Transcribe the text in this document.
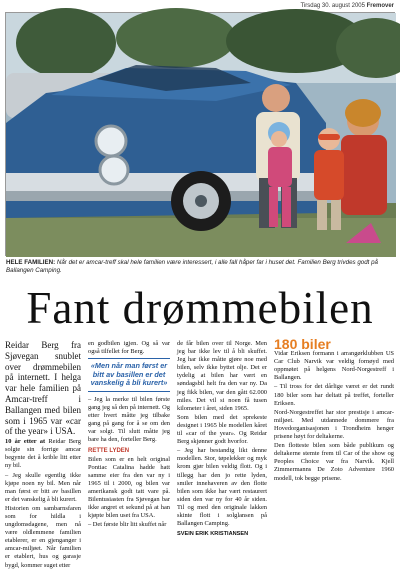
Tirsdag 30. august 2005 Fremover
HELE FAMILIEN: Når det er amcar-treff skal hele familien være interessert, i alle fall håper far i huset det. Familien Berg trivdes godt på Ballangen Camping.
Fant drømmebilen

Reidar Berg fra Sjøvegan snublet over drømmebilen på internett. I helga var hele familien på Amcar-treff i Ballangen med bilen som i 1965 var «car of the year» i USA.

10 år etter at Reidar Berg solgte sin forrige amcar begynte det å krible litt etter ny bil.

– Jeg skulle egentlig ikke kjøpe noen ny bil. Men når man først er bitt av basillen er det vanskelig å bli kurert.

Historien om sambarnsfaren som for hildla i ungdomsdagene, men nå være oldlemmene familien etablerer, er en gjenganger i amcar-miljøet. Når familien er etablert, hus og garasje bygd, kommer suget etter

en godbilen igjen. Og så var også tilfellet for Berg.

«Men når man først er bitt av basillen er det vanskelig å bli kurert»

– Jeg la merke til bilen første gang jeg så den på internett. Og etter hvert måtte jeg tilbake gang på gang for å se om den var solgt. Til slutt måtte jeg bare ha den, forteller Berg.

RETTE LYDEN

Bilen som er en helt original Pontiac Catalina hadde hatt samme eier fra den var ny i 1965 til i 2000, og bilen var amerikansk godt tatt vare på. Bilentusiasten fra Sjøvegan bar ikke angret et sekund på at han kjøpte bilen uset fra USA.

– Det første blir litt skuffet når

de får bilen over til Norge. Men jeg bar ikke lev til å bli skuffet. Jeg har ikke måtte gjøre noe med bilen, selv ikke byttet olje. Det er tydelig at bilen har vært en søndagsbil helt fra den var ny. Da jeg fikk bilen, var den gått 62.000 miles. Det vil si noen få tusen kilometer i året, siden 1965.

Som bilen med det sprekeste designet i 1965 ble modellen kåret til «car of the year». Og Reidar Berg skjønner godt hvorfor.

– Jeg har bestandig likt denne modellen. Stor, tøpelekker og myk krom gjør bilen veldig flott. Og i tillegg har den jo rette lyden, smiler innehaveren av den flotte bilen som ikke har vært restaurert siden den var ny for 40 år siden. Til og med den originale lakken skinte flott i solglansen på Ballangen Camping.

SVEIN ERIK KRISTIANSEN
180 biler

Vidar Eriksen formann i arrangørklubben US Car Club Narvik var veldig fornøyd med oppmøtet på helgens Nord-Norgestreff i Ballangen.

– Til tross for det dårlige været er det rundt 180 biler som har deltatt på treffet, forteller Eriksen.

Nord-Norgestreffet har stor prestisje i amcar-miljøet. Med utdannede dommere fra Hovedorganisasjonen i Trondheim henger prisene høyt for deltakerne.

Den flotteste bilen som både publikum og deltakerne stemte frem til Car of the show og Peoples Choice var fra Narvik. Kjell Zimmermanns De Zoto Adventure 1960 modell, tok begge prisene.
